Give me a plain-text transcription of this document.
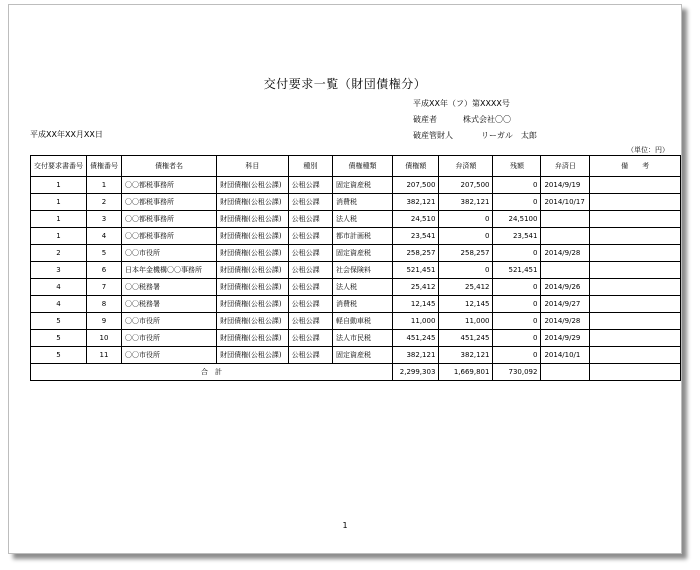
交付要求一覧（財団債権分）
平成XX年（フ）第XXXX号
破産者	株式会社〇〇
破産管財人	リーガル　太郎
平成XX年XX月XX日
（単位：円）
交付要求書番号	債権番号	債権者名	科目	種別	債権種類	債権額	弁済額	残額	弁済日	備　　考
1	1	〇〇都税事務所	財団債権(公租公課)	公租公課	固定資産税	207,500	207,500	0	2014/9/19	
1	2	〇〇都税事務所	財団債権(公租公課)	公租公課	消費税	382,121	382,121	0	2014/10/17	
1	3	〇〇都税事務所	財団債権(公租公課)	公租公課	法人税	24,510	0	24,5100		
1	4	〇〇都税事務所	財団債権(公租公課)	公租公課	都市計画税	23,541	0	23,541		
2	5	〇〇市役所	財団債権(公租公課)	公租公課	固定資産税	258,257	258,257	0	2014/9/28	
3	6	日本年金機構〇〇事務所	財団債権(公租公課)	公租公課	社会保険料	521,451	0	521,451		
4	7	〇〇税務署	財団債権(公租公課)	公租公課	法人税	25,412	25,412	0	2014/9/26	
4	8	〇〇税務署	財団債権(公租公課)	公租公課	消費税	12,145	12,145	0	2014/9/27	
5	9	〇〇市役所	財団債権(公租公課)	公租公課	軽自動車税	11,000	11,000	0	2014/9/28	
5	10	〇〇市役所	財団債権(公租公課)	公租公課	法人市民税	451,245	451,245	0	2014/9/29	
5	11	〇〇市役所	財団債権(公租公課)	公租公課	固定資産税	382,121	382,121	0	2014/10/1	
合　計						2,299,303	1,669,801	730,092		
1
